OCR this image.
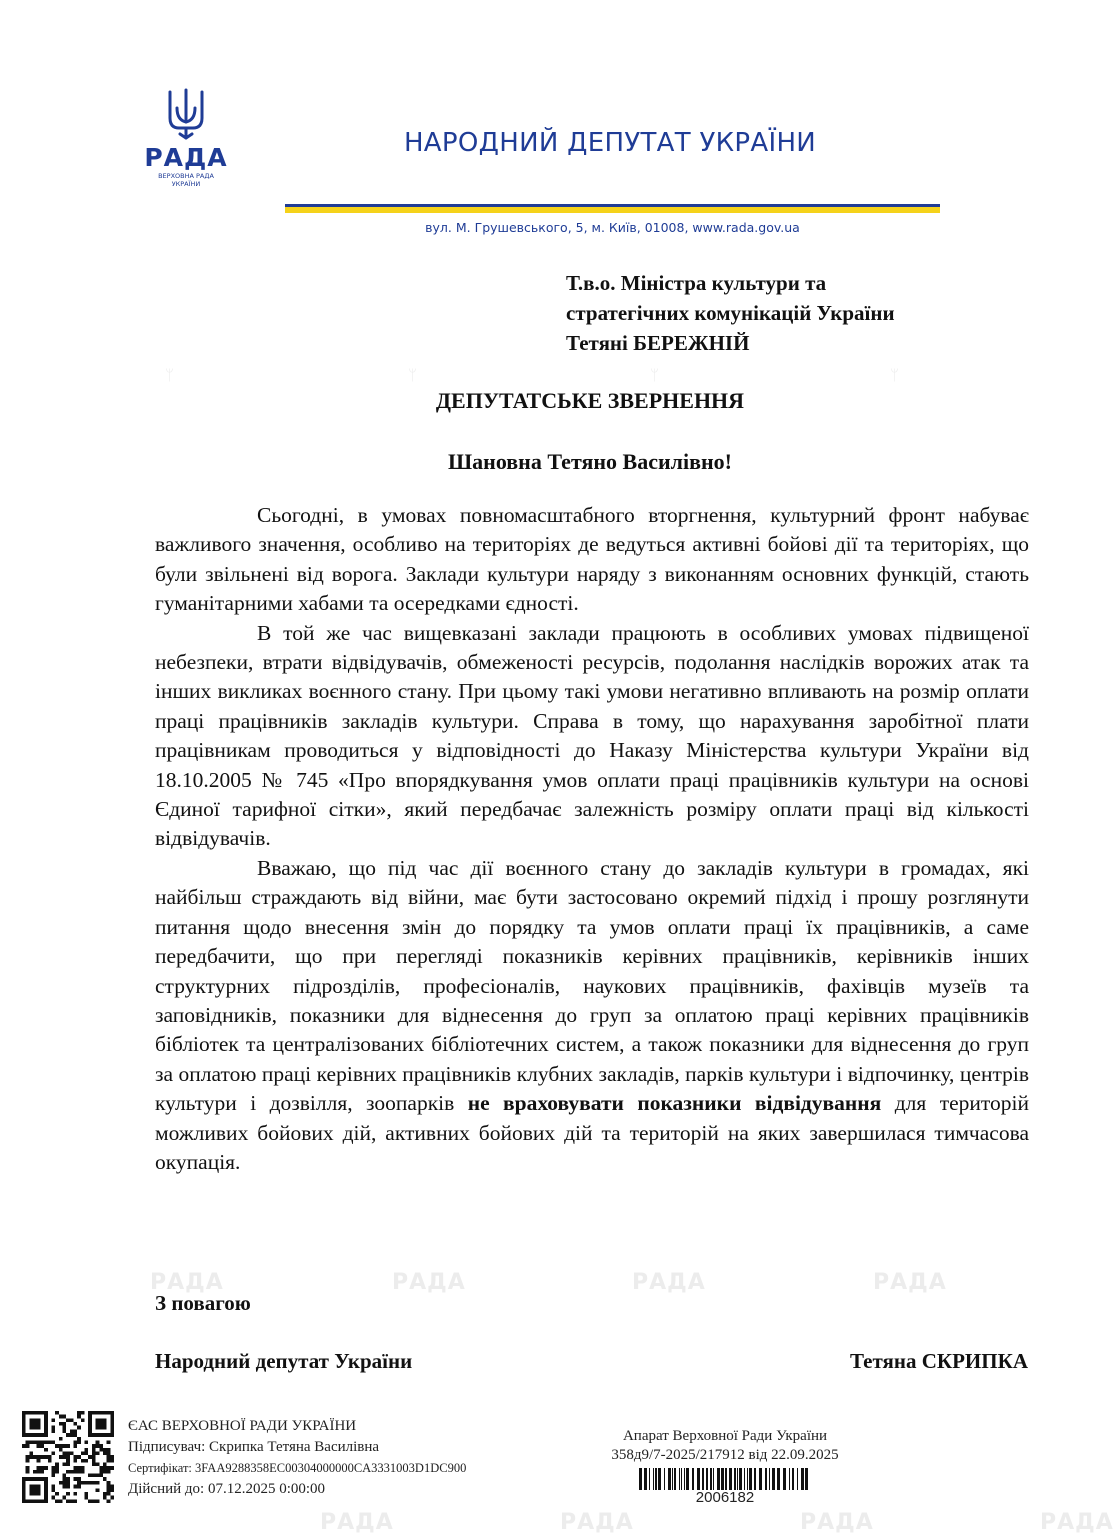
ᛘ	ᛘ	ᛘ	ᛘ
РАДА	РАДА	РАДА	РАДА
РАДА	РАДА	РАДА	РАДА
РАДА
ВЕРХОВНА РАДА
УКРАЇНИ
НАРОДНИЙ ДЕПУТАТ УКРАЇНИ
вул. М. Грушевського, 5, м. Київ, 01008, www.rada.gov.ua
Т.в.о. Міністра культури та
стратегічних комунікацій України
Тетяні БЕРЕЖНІЙ
ДЕПУТАТСЬКЕ ЗВЕРНЕННЯ
Шановна Тетяно Василівно!

Сьогодні, в умовах повномасштабного вторгнення, культурний фронт набуває важливого значення, особливо на територіях де ведуться активні бойові дії та територіях, що були звільнені від ворога. Заклади культури наряду з виконанням основних функцій, стають гуманітарними хабами та осередками єдності.

В той же час вищевказані заклади працюють в особливих умовах підвищеної небезпеки, втрати відвідувачів, обмеженості ресурсів, подолання наслідків ворожих атак та інших викликах воєнного стану. При цьому такі умови негативно впливають на розмір оплати праці працівників закладів культури. Справа в тому, що нарахування заробітної плати працівникам проводиться у відповідності до Наказу Міністерства культури України від 18.10.2005 № 745 «Про впорядкування умов оплати праці працівників культури на основі Єдиної тарифної сітки», який передбачає залежність розміру оплати праці від кількості відвідувачів.

Вважаю, що під час дії воєнного стану до закладів культури в громадах, які найбільш страждають від війни, має бути застосовано окремий підхід і прошу розглянути питання щодо внесення змін до порядку та умов оплати праці їх працівників, а саме передбачити, що при перегляді показників керівних працівників, керівників інших структурних підрозділів, професіоналів, наукових працівників, фахівців музеїв та заповідників, показники для віднесення до груп за оплатою праці керівних працівників бібліотек та централізованих бібліотечних систем, а також показники для віднесення до груп за оплатою праці керівних працівників клубних закладів, парків культури і відпочинку, центрів культури і дозвілля, зоопарків не враховувати показники відвідування для територій можливих бойових дій, активних бойових дій та територій на яких завершилася тимчасова окупація.

З повагою
Народний депутат України	Тетяна СКРИПКА
ЄАС ВЕРХОВНОЇ РАДИ УКРАЇНИ
Підписувач: Скрипка Тетяна Василівна
Сертифікат: 3FAA9288358EC00304000000CA3331003D1DC900
Дійсний до: 07.12.2025 0:00:00
Апарат Верховної Ради України
358д9/7-2025/217912 від 22.09.2025
2006182
